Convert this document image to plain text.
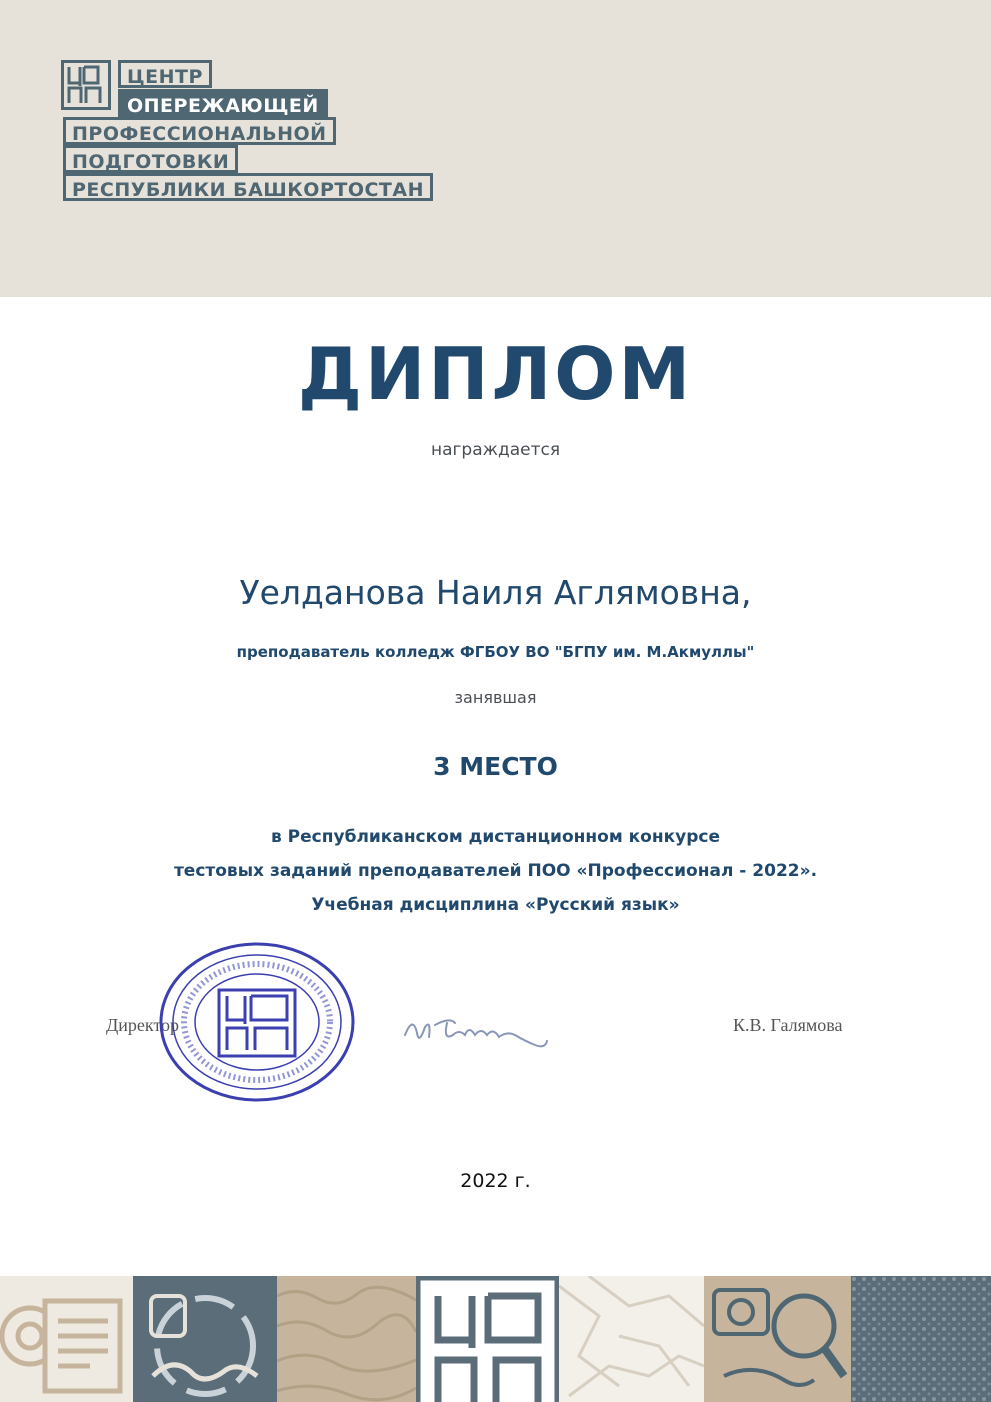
ЦЕНТР
ОПЕРЕЖАЮЩЕЙ
ПРОФЕССИОНАЛЬНОЙ
ПОДГОТОВКИ
РЕСПУБЛИКИ БАШКОРТОСТАН
ДИПЛОМ
награждается
Уелданова Наиля Аглямовна,
преподаватель колледж ФГБОУ ВО "БГПУ им. М.Акмуллы"
занявшая
3 МЕСТО
в Республиканском дистанционном конкурсе
тестовых заданий преподавателей ПОО «Профессионал - 2022».
Учебная дисциплина «Русский язык»
Директор	К.В. Галямова
2022 г.
